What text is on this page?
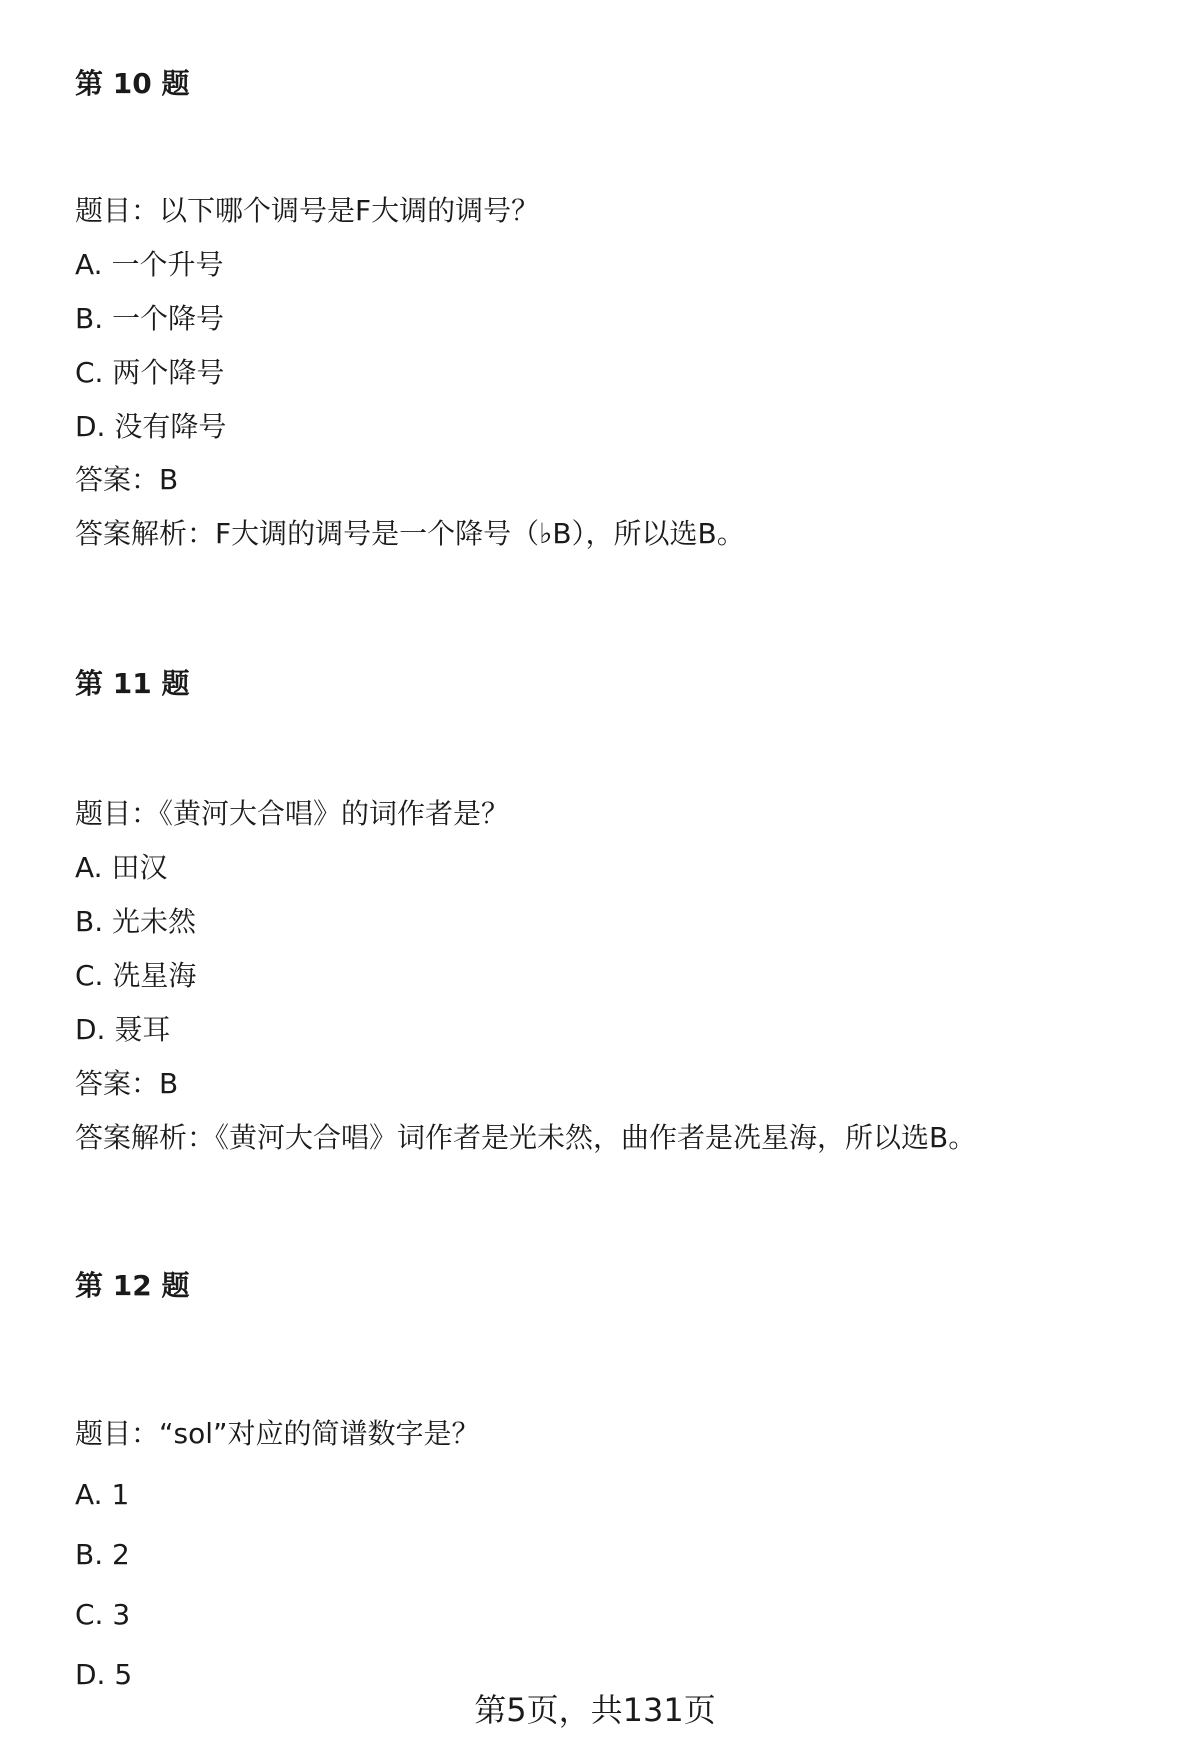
第 10 题
题目：以下哪个调号是F大调的调号？
A. 一个升号
B. 一个降号
C. 两个降号
D. 没有降号
答案：B
答案解析：F大调的调号是一个降号（♭B），所以选B。
第 11 题
题目：《黄河大合唱》的词作者是？
A. 田汉
B. 光未然
C. 冼星海
D. 聂耳
答案：B
答案解析：《黄河大合唱》词作者是光未然，曲作者是冼星海，所以选B。
第 12 题
题目：“sol”对应的简谱数字是？
A. 1
B. 2
C. 3
D. 5
第5页，共131页
